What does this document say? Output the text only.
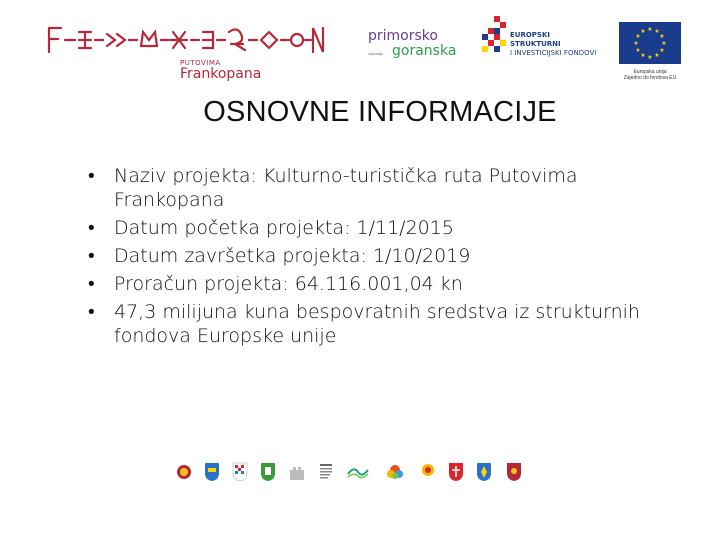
PUTOVIMA
Frankopana
primorsko
županija goranska
EUROPSKI STRUKTURNI
I INVESTICIJSKI FONDOVI
★ ★
★
★
★
★
★
★
★
★
★
★
Europska unija
Zajedno do fondova EU
OSNOVNE INFORMACIJE
• Naziv projekta: Kulturno-turistička ruta Putovima Frankopana
• Datum početka projekta: 1/11/2015
• Datum završetka projekta: 1/10/2019
• Proračun projekta: 64.116.001,04 kn
• 47,3 milijuna kuna bespovratnih sredstva iz strukturnih fondova Europske unije
